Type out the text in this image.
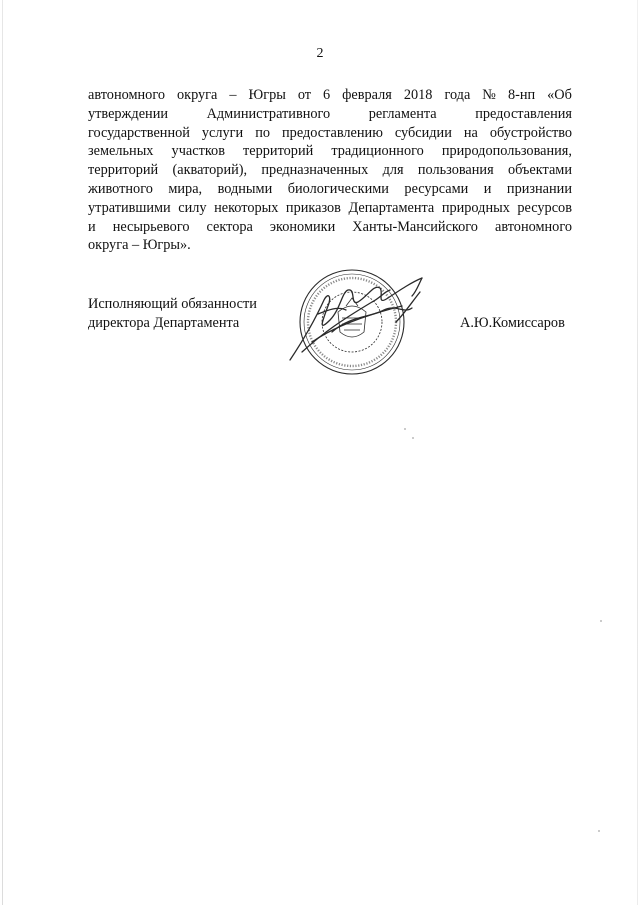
2
автономного округа – Югры от 6 февраля 2018 года № 8-нп «Об
утверждении	Административного	регламента	предоставления
государственной услуги по предоставлению субсидии на обустройство
земельных участков территорий традиционного природопользования,
территорий (акваторий), предназначенных для пользования объектами
животного мира, водными биологическими ресурсами и признании
утратившими силу некоторых приказов Департамента природных ресурсов
и несырьевого сектора экономики Ханты-Мансийского автономного
округа – Югры».
Исполняющий обязанности
директора Департамента	А.Ю.Комиссаров
